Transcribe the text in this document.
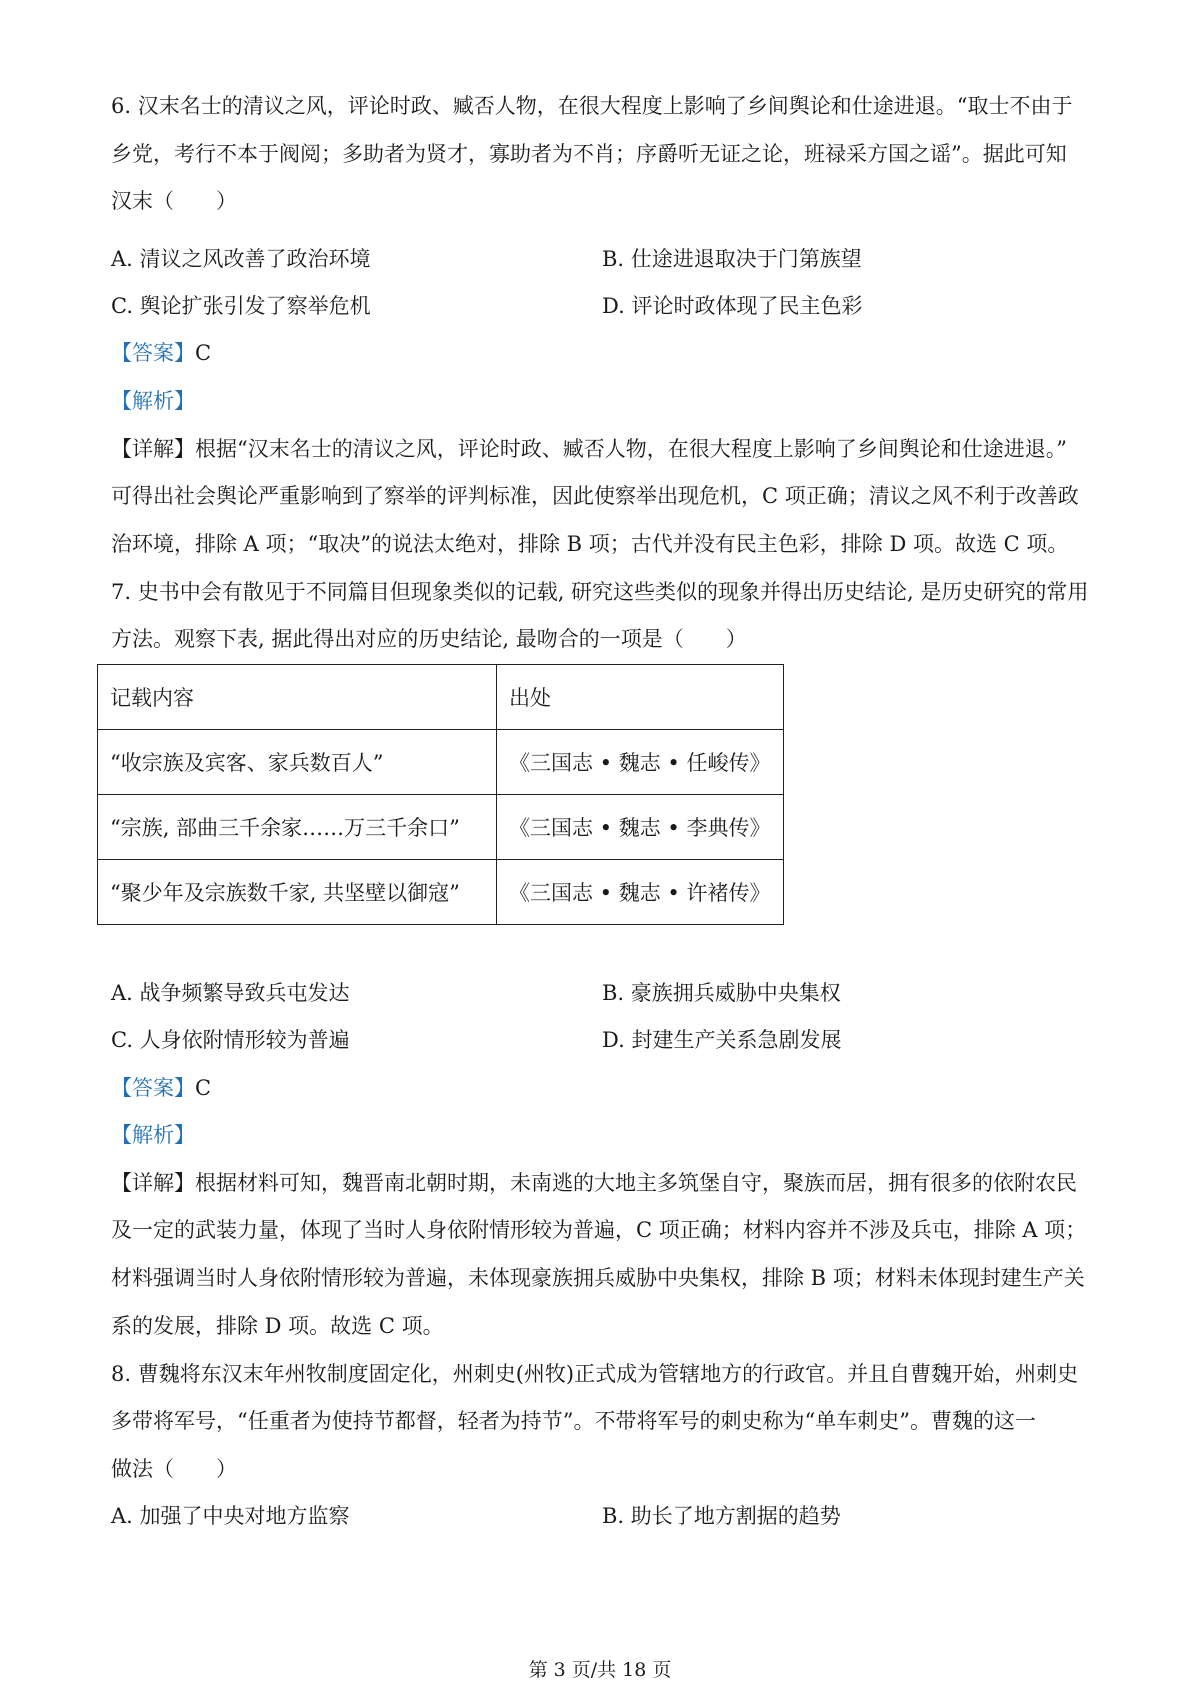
6. 汉末名士的清议之风，评论时政、臧否人物，在很大程度上影响了乡间舆论和仕途进退。“取士不由于
乡党，考行不本于阀阅；多助者为贤才，寡助者为不肖；序爵听无证之论，班禄采方国之谣”。据此可知
汉末（　　）
A. 清议之风改善了政治环境	B. 仕途进退取决于门第族望
C. 舆论扩张引发了察举危机	D. 评论时政体现了民主色彩
【答案】C
【解析】
【详解】根据“汉末名士的清议之风，评论时政、臧否人物，在很大程度上影响了乡间舆论和仕途进退。”
可得出社会舆论严重影响到了察举的评判标准，因此使察举出现危机，C 项正确；清议之风不利于改善政
治环境，排除 A 项；“取决”的说法太绝对，排除 B 项；古代并没有民主色彩，排除 D 项。故选 C 项。
7. 史书中会有散见于不同篇目但现象类似的记载, 研究这些类似的现象并得出历史结论, 是历史研究的常用
方法。观察下表, 据此得出对应的历史结论, 最吻合的一项是（　　）
记载内容	出处
“收宗族及宾客、家兵数百人”	《三国志 • 魏志 • 任峻传》
“宗族, 部曲三千余家……万三千余口”	《三国志 • 魏志 • 李典传》
“聚少年及宗族数千家, 共坚壁以御寇”	《三国志 • 魏志 • 许褚传》
A. 战争频繁导致兵屯发达	B. 豪族拥兵威胁中央集权
C. 人身依附情形较为普遍	D. 封建生产关系急剧发展
【答案】C
【解析】
【详解】根据材料可知，魏晋南北朝时期，未南逃的大地主多筑堡自守，聚族而居，拥有很多的依附农民
及一定的武装力量，体现了当时人身依附情形较为普遍，C 项正确；材料内容并不涉及兵屯，排除 A 项；
材料强调当时人身依附情形较为普遍，未体现豪族拥兵威胁中央集权，排除 B 项；材料未体现封建生产关
系的发展，排除 D 项。故选 C 项。
8. 曹魏将东汉末年州牧制度固定化，州刺史(州牧)正式成为管辖地方的行政官。并且自曹魏开始，州刺史
多带将军号，“任重者为使持节都督，轻者为持节”。不带将军号的刺史称为“单车刺史”。曹魏的这一
做法（　　）
A. 加强了中央对地方监察	B. 助长了地方割据的趋势
第 3 页/共 18 页
